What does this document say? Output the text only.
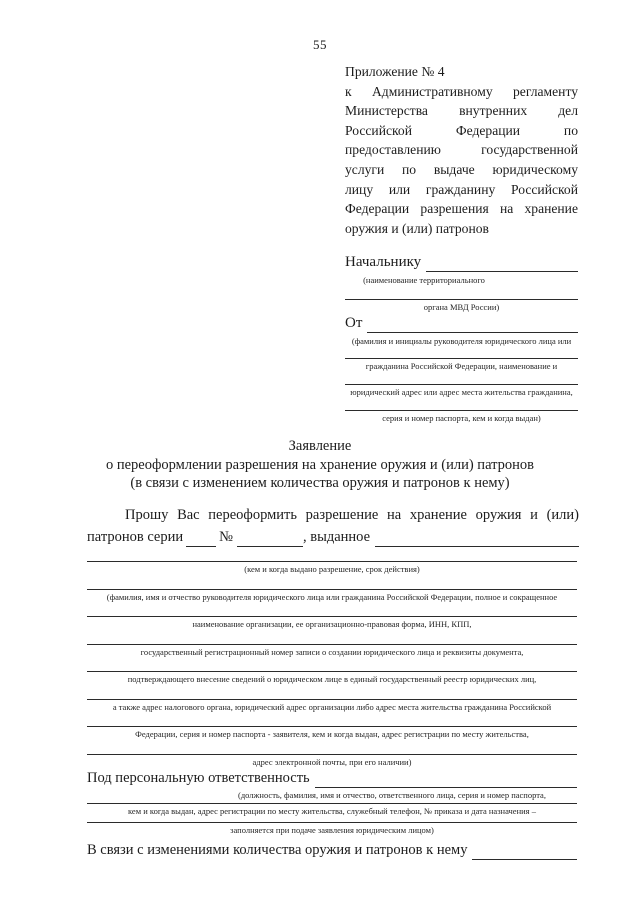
55
Приложение № 4
к Административному регламенту
Министерства внутренних дел
Российской Федерации по
предоставлению государственной
услуги по выдаче юридическому
лицу или гражданину Российской
Федерации разрешения на хранение
оружия и (или) патронов
Начальнику
(наименование территориального
органа МВД России)
От
(фамилия и инициалы руководителя юридического лица или
гражданина Российской Федерации, наименование и
юридический адрес или адрес места жительства гражданина,
серия и номер паспорта, кем и когда выдан)
Заявление
о переоформлении разрешения на хранение оружия и (или) патронов
(в связи с изменением количества оружия и патронов к нему)
Прошу Вас переоформить разрешение на хранение оружия и (или)
патронов серии №	, выданное
(кем и когда выдано разрешение, срок действия)
(фамилия, имя и отчество руководителя юридического лица или гражданина Российской Федерации, полное и сокращенное
наименование организации, ее организационно-правовая форма, ИНН, КПП,
государственный регистрационный номер записи о создании юридического лица и реквизиты документа,
подтверждающего внесение сведений о юридическом лице в единый государственный реестр юридических лиц,
а также адрес налогового органа, юридический адрес организации либо адрес места жительства гражданина Российской
Федерации, серия и номер паспорта - заявителя, кем и когда выдан, адрес регистрации по месту жительства,
адрес электронной почты, при его наличии)
Под персональную ответственность
(должность, фамилия, имя и отчество, ответственного лица, серия и номер паспорта,
кем и когда выдан, адрес регистрации по месту жительства, служебный телефон, № приказа и дата назначения –
заполняется при подаче заявления юридическим лицом)
В связи с изменениями количества оружия и патронов к нему
